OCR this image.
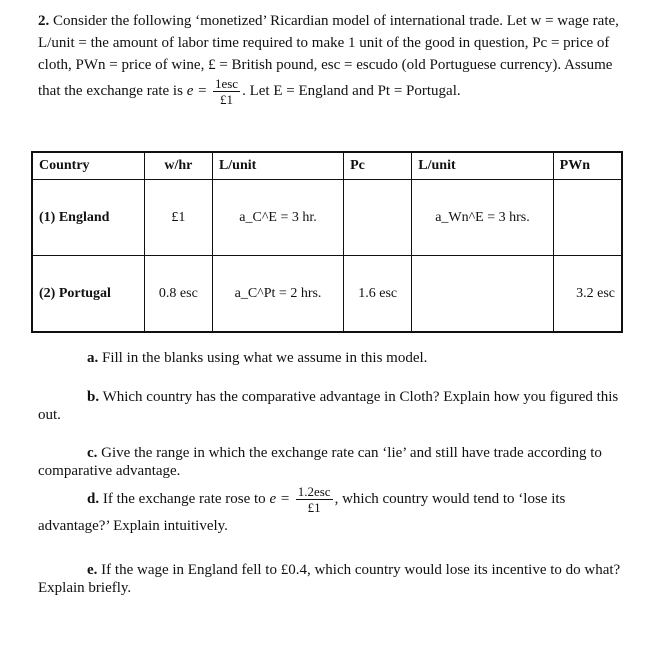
2. Consider the following ‘monetized’ Ricardian model of international trade. Let w = wage rate, L/unit = the amount of labor time required to make 1 unit of the good in question, Pc = price of cloth, PWn = price of wine, £ = British pound, esc = escudo (old Portuguese currency). Assume that the exchange rate is $e = \frac{\text{1esc}}{£1}$ . Let E = England and Pt = Portugal.

Country	w/hr	L/unit	Pc	L/unit	PWn
(1) England	£1	a_C^E = 3 hr.		a_Wn^E = 3 hrs.	
(2) Portugal	0.8 esc	a_C^Pt = 2 hrs.	1.6 esc		3.2 esc

a. Fill in the blanks using what we assume in this model.

b. Which country has the comparative advantage in Cloth? Explain how you figured this out.

c. Give the range in which the exchange rate can ‘lie’ and still have trade according to comparative advantage.

d. If the exchange rate rose to $e = \frac{\text{1.2esc}}{£1}$ , which country would tend to ‘lose its advantage?’ Explain intuitively.

e. If the wage in England fell to £0.4, which country would lose its incentive to do what? Explain briefly.
